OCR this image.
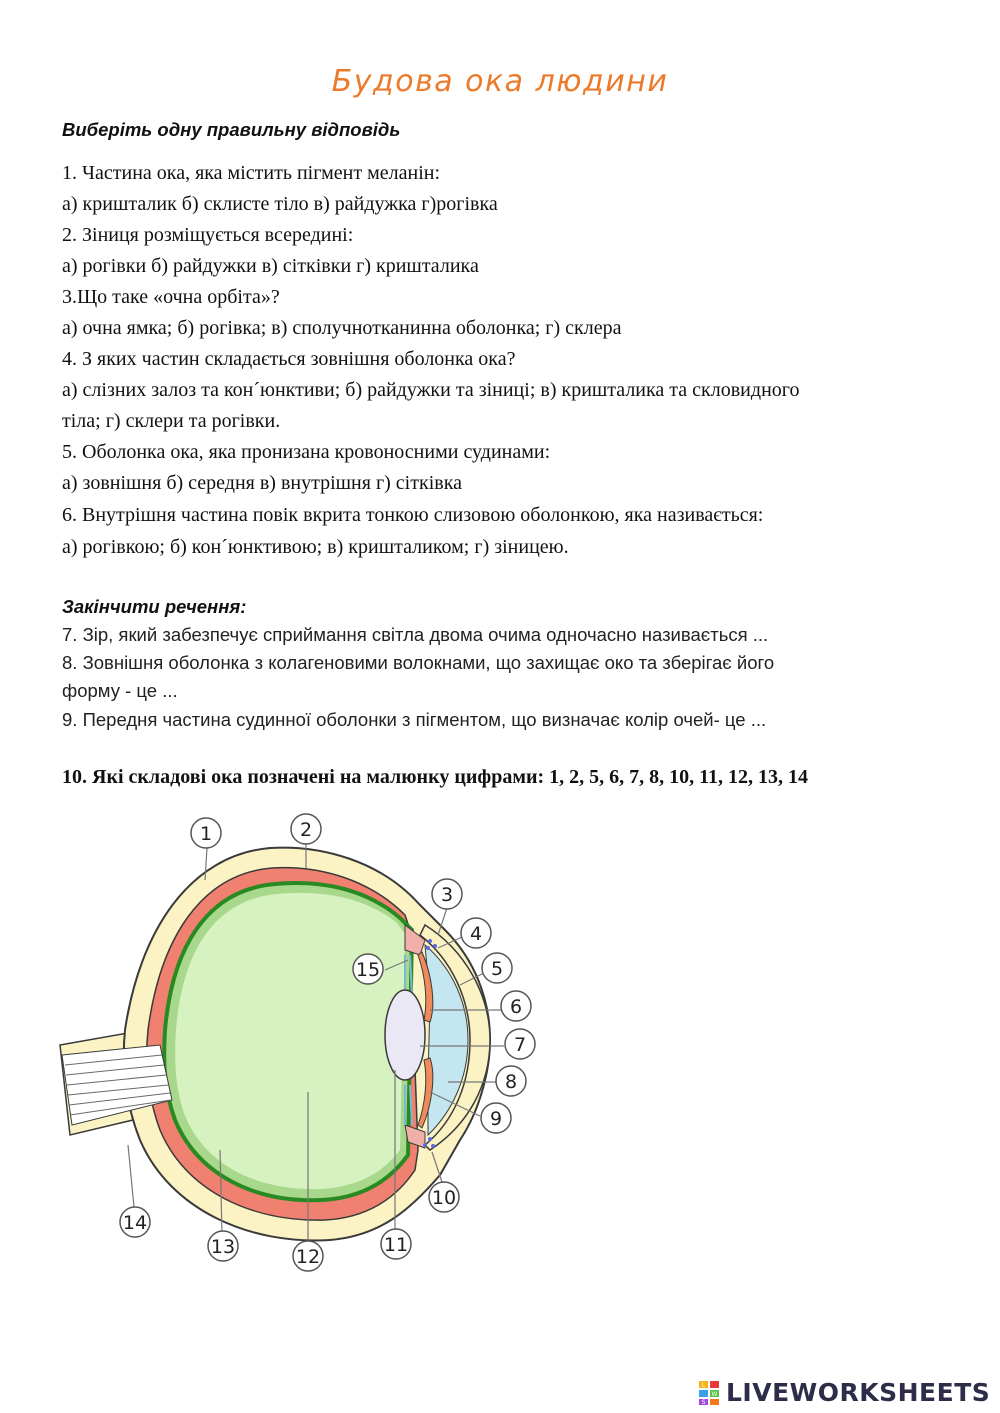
Будова ока людини
Виберіть одну правильну відповідь
1. Частина ока, яка містить пігмент меланін:
а) кришталик б) склисте тіло в) райдужка г)рогівка
2. Зіниця розміщується всередині:
а) рогівки б) райдужки в) сітківки г) кришталика
3.Що таке «очна орбіта»?
а) очна ямка; б) рогівка; в) сполучнотканинна оболонка; г) склера
4. З яких частин складається зовнішня оболонка ока?
а) слізних залоз та кон´юнктиви; б) райдужки та зіниці; в) кришталика та скловидного
тіла; г) склери та рогівки.
5. Оболонка ока, яка пронизана кровоносними судинами:
а) зовнішня б) середня в) внутрішня г) сітківка
6. Внутрішня частина повік вкрита тонкою слизовою оболонкою, яка називається:
а) рогівкою; б) кон´юнктивою; в) кришталиком; г) зіницею.
Закінчити речення:
7. Зір, який забезпечує сприймання світла двома очима одночасно називається ...
8. Зовнішня оболонка з колагеновими волокнами, що захищає око та зберігає його
форму - це ...
9. Передня частина судинної оболонки з пігментом, що визначає колір очей- це ...
10. Які складові ока позначені на малюнку цифрами: 1, 2, 5, 6, 7, 8, 10, 11, 12, 13, 14
1	2
3
4
5
6
7
8
9
10
11
12
13
14
15
L
W
S LIVEWORKSHEETS
